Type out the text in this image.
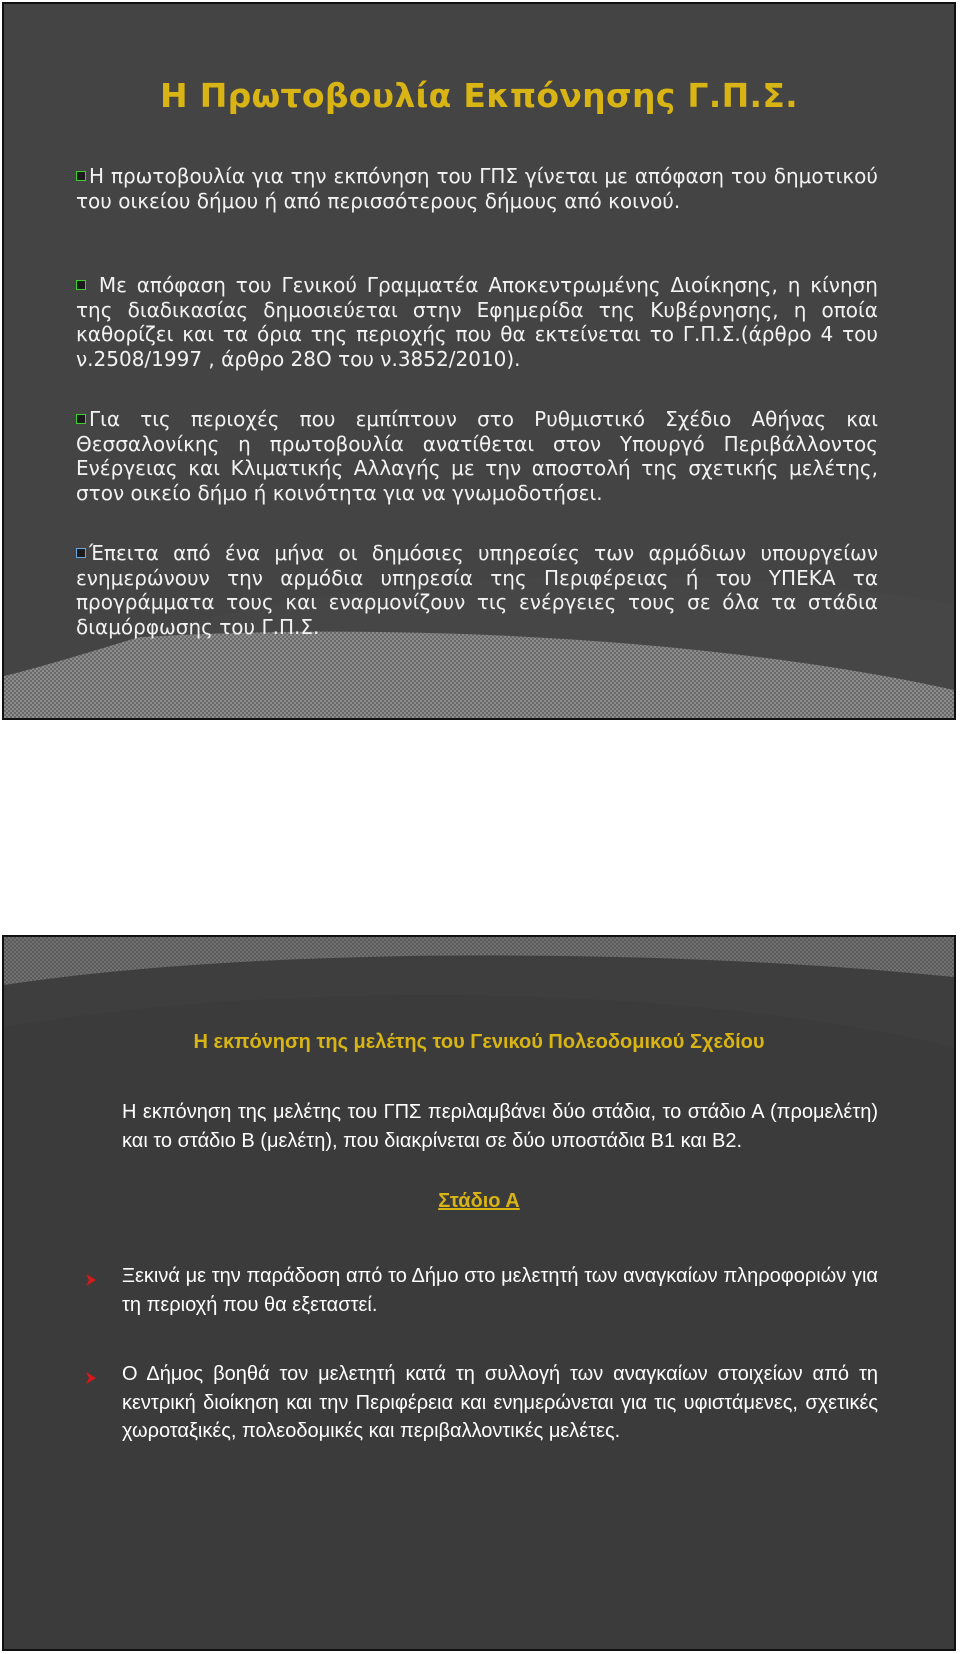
Η Πρωτοβουλία Εκπόνησης Γ.Π.Σ.
Η πρωτοβουλία για την εκπόνηση του ΓΠΣ γίνεται με απόφαση του δημοτικού του οικείου δήμου ή από περισσότερους δήμους από κοινού.
Με απόφαση του Γενικού Γραμματέα Αποκεντρωμένης Διοίκησης, η κίνηση της διαδικασίας δημοσιεύεται στην Εφημερίδα της Κυβέρνησης, η οποία καθορίζει και τα όρια της περιοχής που θα εκτείνεται το Γ.Π.Σ.(άρθρο 4 του ν.2508/1997 , άρθρο 28Ο του ν.3852/2010).
Για τις περιοχές που εμπίπτουν στο Ρυθμιστικό Σχέδιο Αθήνας και Θεσσαλονίκης η πρωτοβουλία ανατίθεται στον Υπουργό Περιβάλλοντος Ενέργειας και Κλιματικής Αλλαγής με την αποστολή της σχετικής μελέτης, στον οικείο δήμο ή κοινότητα για να γνωμοδοτήσει.
Έπειτα από ένα μήνα οι δημόσιες υπηρεσίες των αρμόδιων υπουργείων ενημερώνουν την αρμόδια υπηρεσία της Περιφέρειας ή του ΥΠΕΚΑ τα προγράμματα τους και εναρμονίζουν τις ενέργειες τους σε όλα τα στάδια διαμόρφωσης του Γ.Π.Σ.
Η εκπόνηση της μελέτης του Γενικού Πολεοδομικού Σχεδίου
Η εκπόνηση της μελέτης του ΓΠΣ περιλαμβάνει δύο στάδια, το στάδιο Α (προμελέτη) και το στάδιο Β (μελέτη), που διακρίνεται σε δύο υποστάδια Β1 και Β2.
Στάδιο Α
Ξεκινά με την παράδοση από το Δήμο στο μελετητή των αναγκαίων πληροφοριών για τη περιοχή που θα εξεταστεί.
Ο Δήμος βοηθά τον μελετητή κατά τη συλλογή των αναγκαίων στοιχείων από τη κεντρική διοίκηση και την Περιφέρεια και ενημερώνεται για τις υφιστάμενες, σχετικές χωροταξικές, πολεοδομικές και περιβαλλοντικές μελέτες.
